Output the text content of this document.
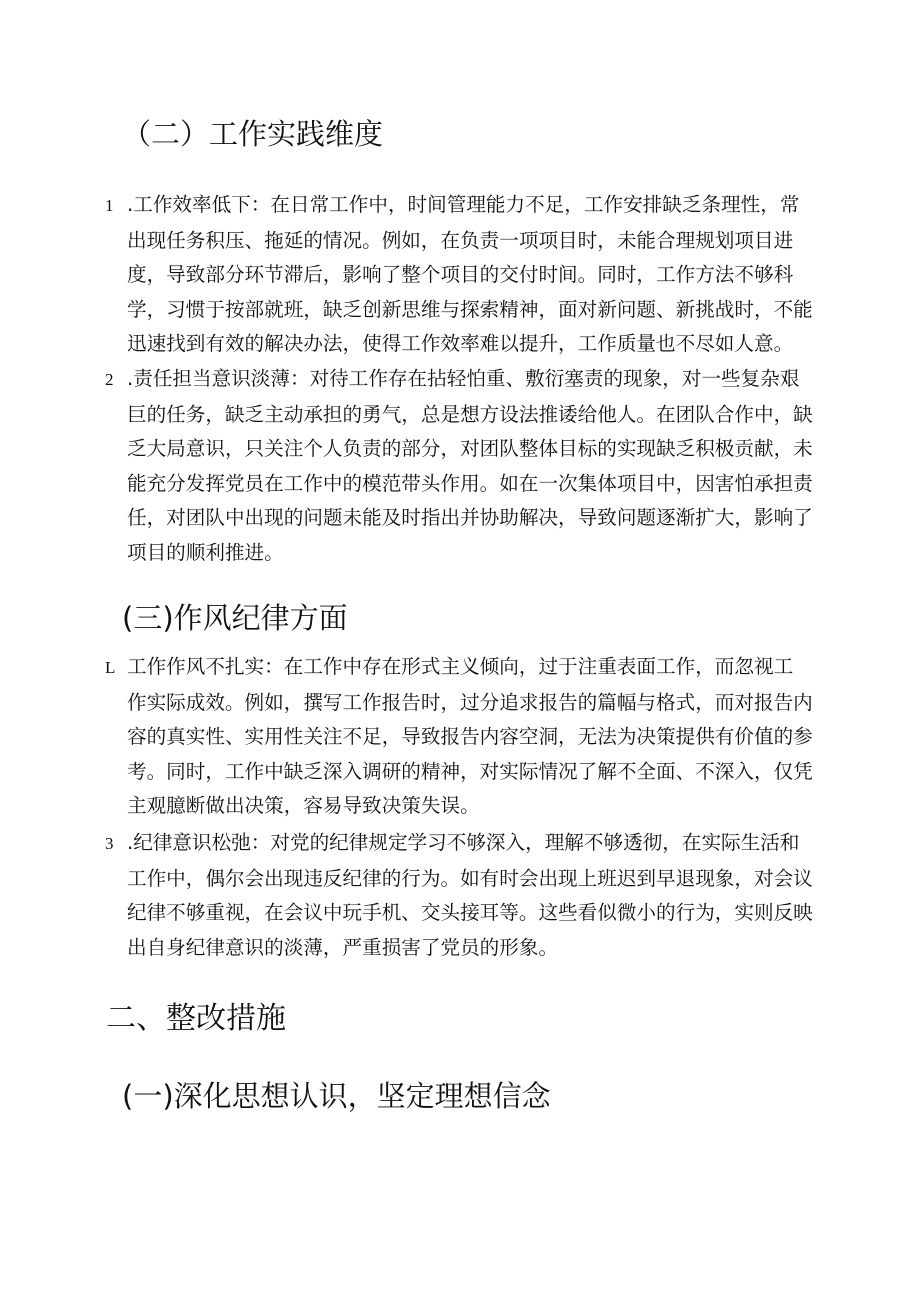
（二）工作实践维度
1 .工作效率低下：在日常工作中，时间管理能力不足，工作安排缺乏条理性，常
出现任务积压、拖延的情况。例如，在负责一项项目时，未能合理规划项目进度，导致部分环节滞后，影响了整个项目的交付时间。同时，工作方法不够科学，习惯于按部就班，缺乏创新思维与探索精神，面对新问题、新挑战时，不能迅速找到有效的解决办法，使得工作效率难以提升，工作质量也不尽如人意。
2 .责任担当意识淡薄：对待工作存在拈轻怕重、敷衍塞责的现象，对一些复杂艰
巨的任务，缺乏主动承担的勇气，总是想方设法推诿给他人。在团队合作中，缺乏大局意识，只关注个人负责的部分，对团队整体目标的实现缺乏积极贡献，未能充分发挥党员在工作中的模范带头作用。如在一次集体项目中，因害怕承担责任，对团队中出现的问题未能及时指出并协助解决，导致问题逐渐扩大，影响了项目的顺利推进。
(三)作风纪律方面
L 工作作风不扎实：在工作中存在形式主义倾向，过于注重表面工作，而忽视工
作实际成效。例如，撰写工作报告时，过分追求报告的篇幅与格式，而对报告内容的真实性、实用性关注不足，导致报告内容空洞，无法为决策提供有价值的参考。同时，工作中缺乏深入调研的精神，对实际情况了解不全面、不深入，仅凭主观臆断做出决策，容易导致决策失误。
3 .纪律意识松弛：对党的纪律规定学习不够深入，理解不够透彻，在实际生活和
工作中，偶尔会出现违反纪律的行为。如有时会出现上班迟到早退现象，对会议纪律不够重视，在会议中玩手机、交头接耳等。这些看似微小的行为，实则反映出自身纪律意识的淡薄，严重损害了党员的形象。
二、整改措施
(一)深化思想认识，坚定理想信念
